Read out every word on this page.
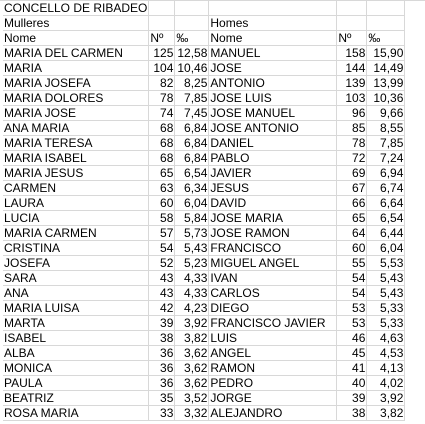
CONCELLO DE RIBADEO					
Mulleres			Homes		
Nome	Nº	‰	Nome	Nº	‰
MARIA DEL CARMEN	125	12,58	MANUEL	158	15,90
MARIA	104	10,46	JOSE	144	14,49
MARIA JOSEFA	82	8,25	ANTONIO	139	13,99
MARIA DOLORES	78	7,85	JOSE LUIS	103	10,36
MARIA JOSE	74	7,45	JOSE MANUEL	96	9,66
ANA MARIA	68	6,84	JOSE ANTONIO	85	8,55
MARIA TERESA	68	6,84	DANIEL	78	7,85
MARIA ISABEL	68	6,84	PABLO	72	7,24
MARIA JESUS	65	6,54	JAVIER	69	6,94
CARMEN	63	6,34	JESUS	67	6,74
LAURA	60	6,04	DAVID	66	6,64
LUCIA	58	5,84	JOSE MARIA	65	6,54
MARIA CARMEN	57	5,73	JOSE RAMON	64	6,44
CRISTINA	54	5,43	FRANCISCO	60	6,04
JOSEFA	52	5,23	MIGUEL ANGEL	55	5,53
SARA	43	4,33	IVAN	54	5,43
ANA	43	4,33	CARLOS	54	5,43
MARIA LUISA	42	4,23	DIEGO	53	5,33
MARTA	39	3,92	FRANCISCO JAVIER	53	5,33
ISABEL	38	3,82	LUIS	46	4,63
ALBA	36	3,62	ANGEL	45	4,53
MONICA	36	3,62	RAMON	41	4,13
PAULA	36	3,62	PEDRO	40	4,02
BEATRIZ	35	3,52	JORGE	39	3,92
ROSA MARIA	33	3,32	ALEJANDRO	38	3,82
